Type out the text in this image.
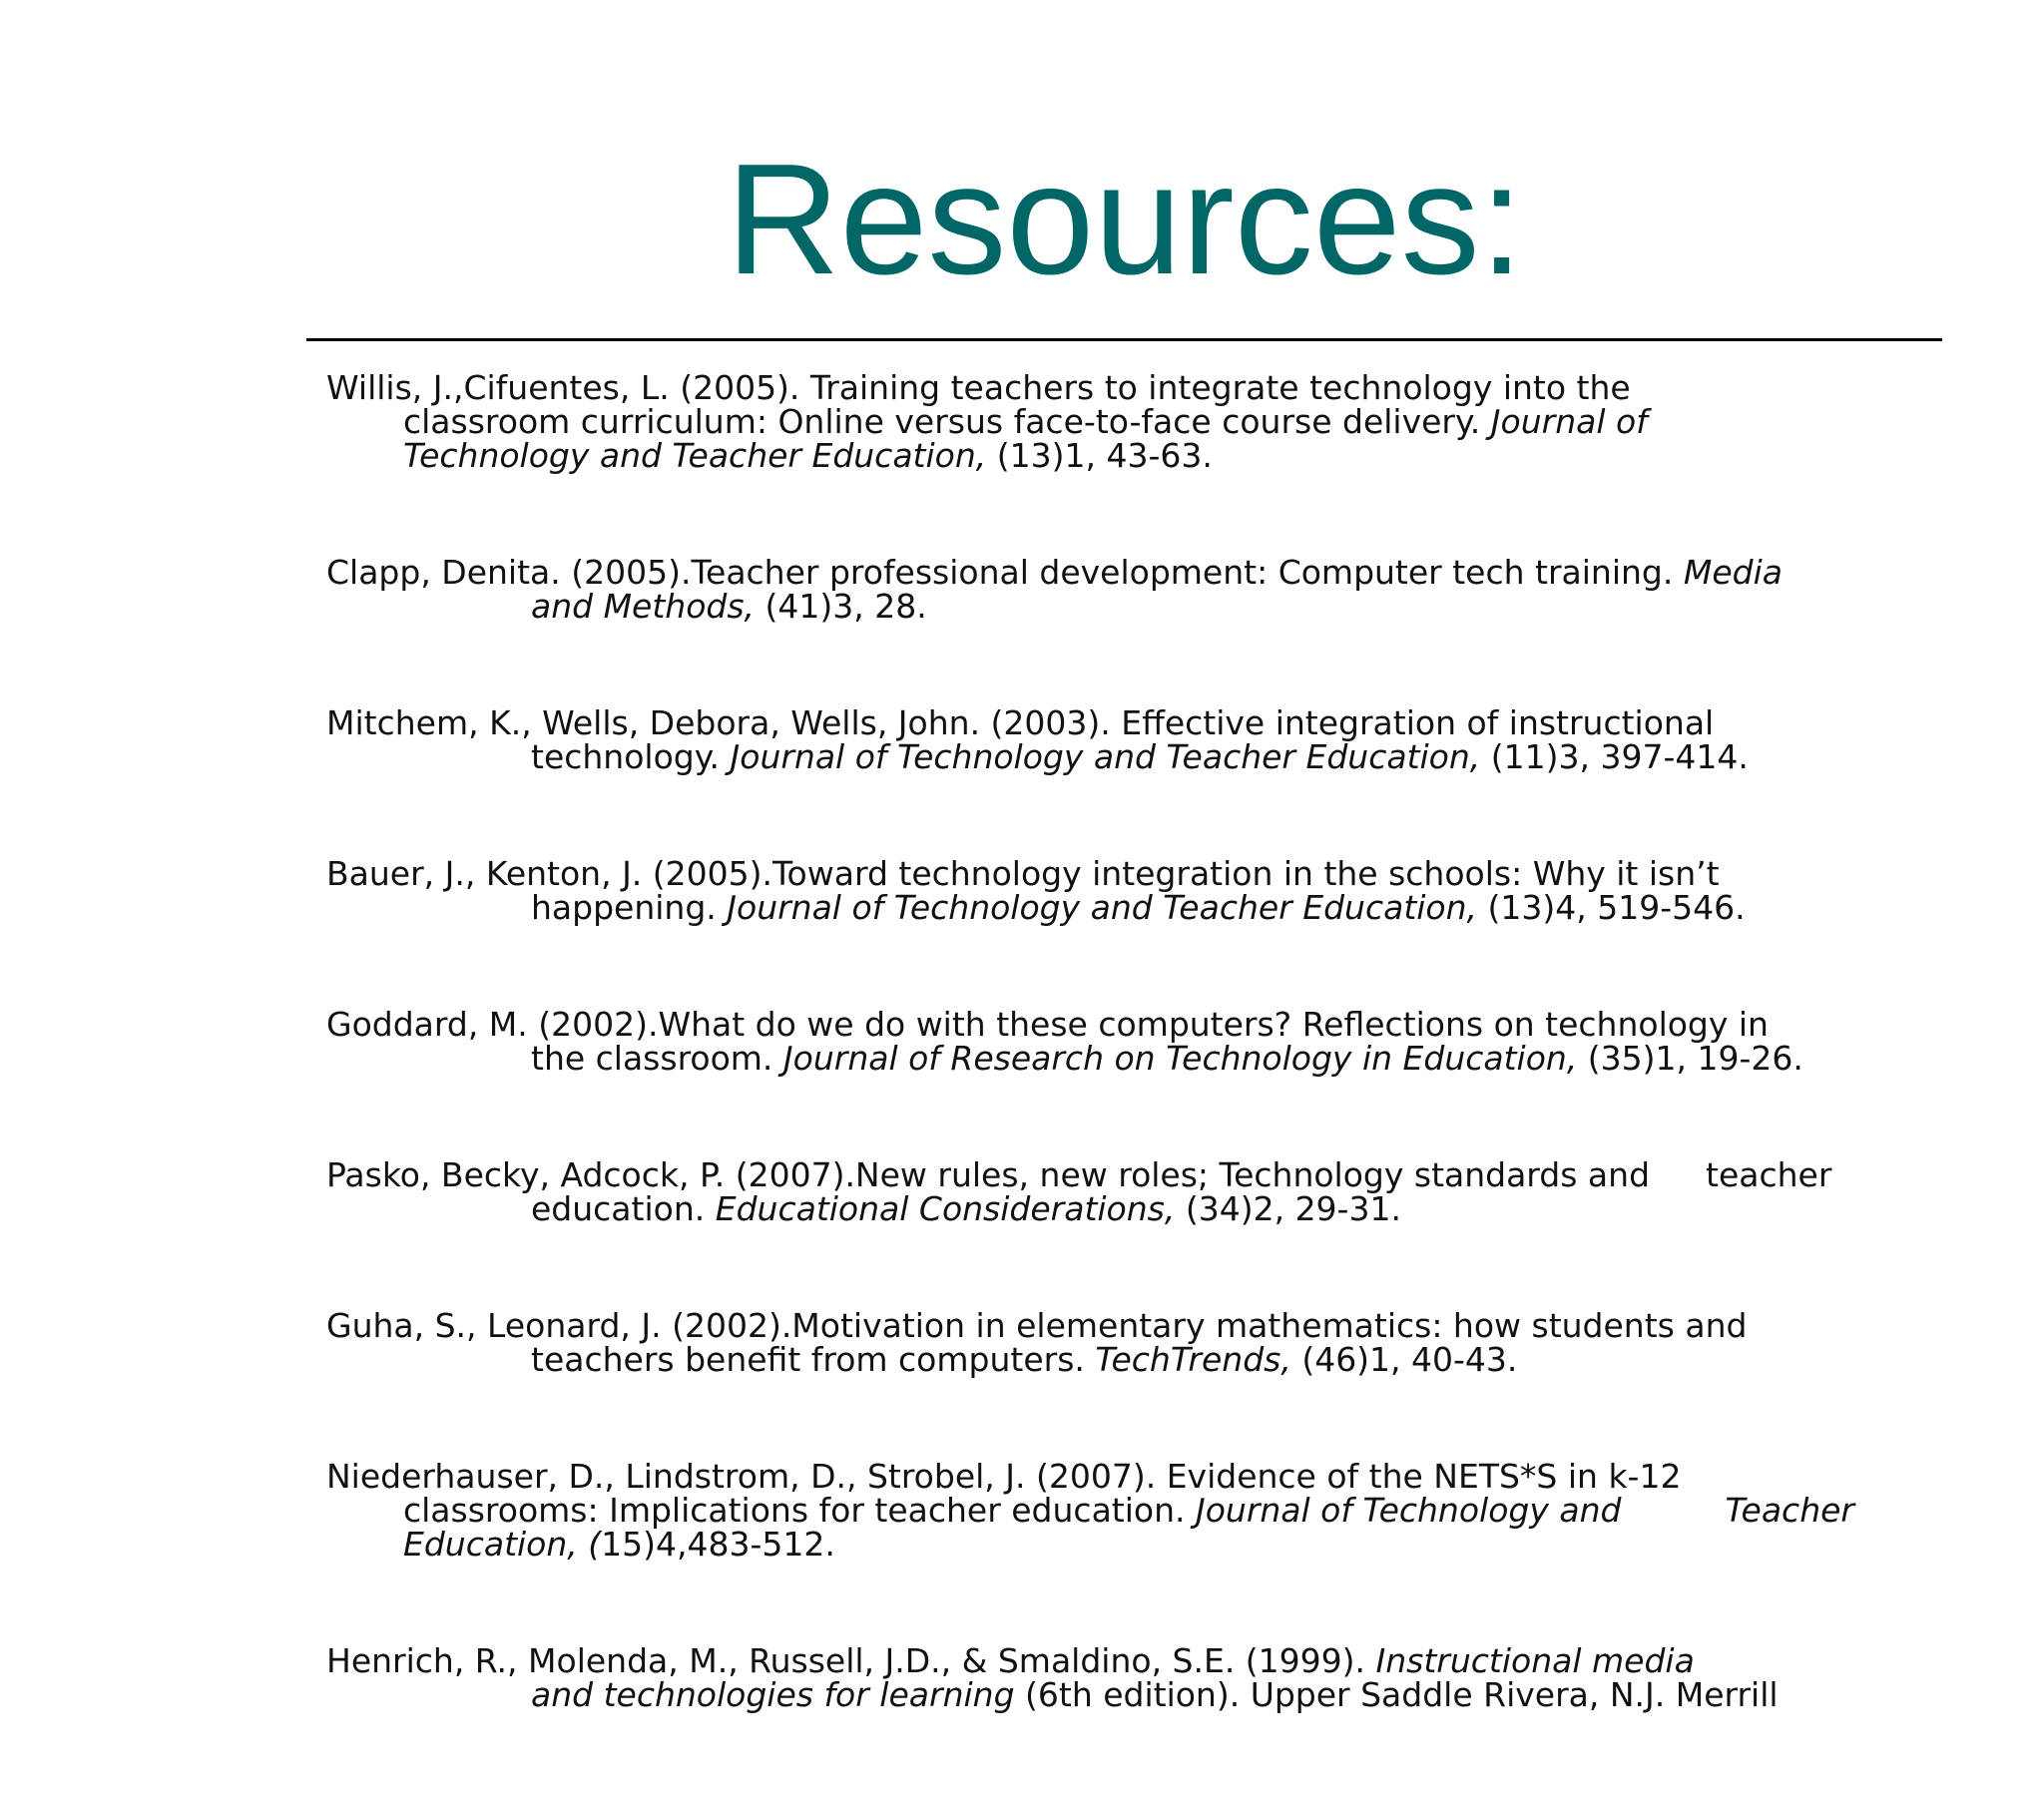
Resources:

Willis, J.,Cifuentes, L. (2005). Training teachers to integrate technology into the
classroom curriculum: Online versus face-to-face course delivery. Journal of
Technology and Teacher Education, (13)1, 43-63.

Clapp, Denita. (2005).Teacher professional development: Computer tech training. Media
and Methods, (41)3, 28.

Mitchem, K., Wells, Debora, Wells, John. (2003). Effective integration of instructional
technology. Journal of Technology and Teacher Education, (11)3, 397-414.

Bauer, J., Kenton, J. (2005).Toward technology integration in the schools: Why it isn’t
happening. Journal of Technology and Teacher Education, (13)4, 519-546.

Goddard, M. (2002).What do we do with these computers? Reflections on technology in
the classroom. Journal of Research on Technology in Education, (35)1, 19-26.

Pasko, Becky, Adcock, P. (2007).New rules, new roles; Technology standards and teacher
education. Educational Considerations, (34)2, 29-31.

Guha, S., Leonard, J. (2002).Motivation in elementary mathematics: how students and
teachers benefit from computers. TechTrends, (46)1, 40-43.

Niederhauser, D., Lindstrom, D., Strobel, J. (2007). Evidence of the NETS*S in k-12
classrooms: Implications for teacher education. Journal of Technology and	Teacher
Education, (15)4,483-512.

Henrich, R., Molenda, M., Russell, J.D., & Smaldino, S.E. (1999). Instructional media
and technologies for learning (6th edition). Upper Saddle Rivera, N.J. Merrill
